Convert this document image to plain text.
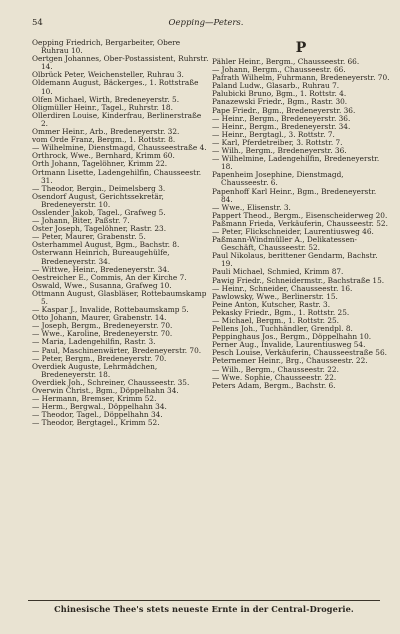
54	Oepping—Peters.
Oepping Friedrich, Bergarbeiter, Obere Ruhrau 10.
Oertgen Johannes, Ober-Postassistent, Ruhrstr. 14.
Olbrück Peter, Weichensteller, Ruhrau 3.
Oldemann August, Bäckerges., 1. Rottstraße 10.
Olfen Michael, Wirth, Bredeneyerstr. 5.
Oligmüller Heinr., Tagel., Ruhrstr. 18.
Ollerdiren Louise, Kinderfrau, Berlinerstraße 2.
Ommer Heinr., Arb., Bredeneyerstr. 32.
vom Orde Franz, Bergm., 1. Rottstr. 8.
— Wilhelmine, Dienstmagd, Chausseestraße 4.
Orthrock, Wwe., Bernhard, Krimm 60.
Orth Johann, Tagelöhner, Krimm 22.
Ortmann Lisette, Ladengehilfin, Chausseestr. 31.
— Theodor, Bergin., Deimelsberg 3.
Osendorf August, Gerichtssekretär, Bredeneyerstr. 10.
Osslender Jakob, Tagel., Grafweg 5.
— Johann, Biter, Paßstr. 7.
Oster Joseph, Tagelöhner, Rastr. 23.
— Peter, Maurer, Grabenstr. 5.
Osterhammel August, Bgm., Bachstr. 8.
Osterwann Heinrich, Bureaugehülfe, Bredeneyerstr. 34.
— Wittwe, Heinr., Bredeneyerstr. 34.
Oestreicher E., Commis, An der Kirche 7.
Oswald, Wwe., Susanna, Grafweg 10.
Ottmann August, Glasbläser, Rottebaumskamp 5.
— Kaspar J., Invalide, Rottebaumskamp 5.
Otto Johann, Maurer, Grabenstr. 14.
— Joseph, Bergm., Bredeneyerstr. 70.
— Wwe., Karoline, Bredeneyerstr. 70.
— Maria, Ladengehilfin, Rastr. 3.
— Paul, Maschinenwärter, Bredeneyerstr. 70.
— Peter, Bergm., Bredeneyerstr. 70.
Overdiek Auguste, Lehrmädchen, Bredeneyerstr. 18.
Overdiek Joh., Schreiner, Chausseestr. 35.
Overwin Christ., Bgm., Döppelhahn 34.
— Hermann, Bremser, Krimm 52.
— Herm., Bergwal., Döppelhahn 34.
— Theodor, Tagel., Döppelhahn 34.
— Theodor, Bergtagel., Krimm 52.
P
Pähler Heinr., Bergm., Chausseestr. 66.
— Johann, Bergm., Chausseestr. 66.
Pafrath Wilhelm, Fuhrmann, Bredeneyerstr. 70.
Paland Ludw., Glasarb., Ruhrau 7.
Palubicki Bruno, Bgm., 1. Rottstr. 4.
Panazewski Friedr., Bgm., Rastr. 30.
Pape Friedr., Bgm., Bredeneyerstr. 36.
— Heinr., Bergm., Bredeneyerstr. 36.
— Heinr., Bergm., Bredeneyerstr. 34.
— Heinr., Bergtagl., 3. Rottstr. 7.
— Karl, Pferdetreiber, 3. Rottstr. 7.
— Wilh., Bergm., Bredeneyerstr. 36.
— Wilhelmine, Ladengehilfin, Bredeneyerstr. 18.
Papenheim Josephine, Dienstmagd, Chausseestr. 6.
Papenhoff Karl Heinr., Bgm., Bredeneyerstr. 84.
— Wwe., Elisenstr. 3.
Pappert Theod., Bergm., Eisenscheiderweg 20.
Paßmann Frieda, Verkäuferin, Chausseestr. 52.
— Peter, Flickschneider, Laurentiusweg 46.
Paßmann-Windmüller A., Delikatessen-Geschäft, Chausseestr. 52.
Paul Nikolaus, berittener Gendarm, Bachstr. 19.
Pauli Michael, Schmied, Krimm 87.
Pawig Friedr., Schneidermstr., Bachstraße 15.
— Heinr., Schneider, Chausseestr. 16.
Pawlowsky, Wwe., Berlinerstr. 15.
Peine Anton, Kutscher, Rastr. 3.
Pekasky Friedr., Bgm., 1. Rottstr. 25.
— Michael, Bergm., 1. Rottstr. 25.
Pellens Joh., Tuchhändler, Grendpl. 8.
Peppinghaus Jos., Bergm., Döppelhahn 10.
Perner Aug., Invalide, Laurentiusweg 54.
Pesch Louise, Verkäuferin, Chausseestraße 56.
Peternemer Heinr., Brg., Chausseestr. 22.
— Wilh., Bergm., Chausseestr. 22.
— Wwe. Sophie, Chausseestr. 22.
Peters Adam, Bergm., Bachstr. 6.
Chinesische Thee's stets neueste Ernte in der Central-Drogerie.
